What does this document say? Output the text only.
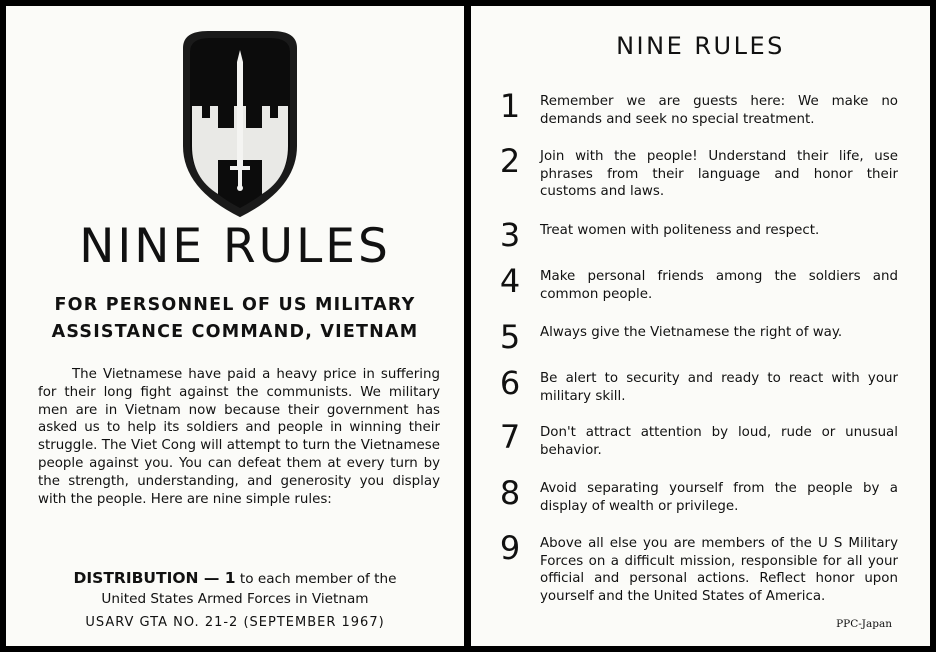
NINE RULES
FOR PERSONNEL OF US MILITARY
ASSISTANCE COMMAND, VIETNAM
The Vietnamese have paid a heavy price in suffering for their long fight against the communists. We military men are in Vietnam now because their government has asked us to help its soldiers and people in winning their struggle. The Viet Cong will attempt to turn the Vietnamese people against you. You can defeat them at every turn by the strength, understanding, and generosity you display with the people. Here are nine simple rules:
DISTRIBUTION — 1 to each member of the
United States Armed Forces in Vietnam
USARV GTA NO. 21-2 (SEPTEMBER 1967)
NINE RULES
1 Remember we are guests here: We make no demands and seek no special treatment.
2 Join with the people! Understand their life, use phrases from their language and honor their customs and laws.
3 Treat women with politeness and respect.
4 Make personal friends among the soldiers and common people.
5 Always give the Vietnamese the right of way.
6 Be alert to security and ready to react with your military skill.
7 Don't attract attention by loud, rude or unusual behavior.
8 Avoid separating yourself from the people by a display of wealth or privilege.
9 Above all else you are members of the U S Military Forces on a difficult mission, responsible for all your official and personal actions. Reflect honor upon yourself and the United States of America.
PPC-Japan
